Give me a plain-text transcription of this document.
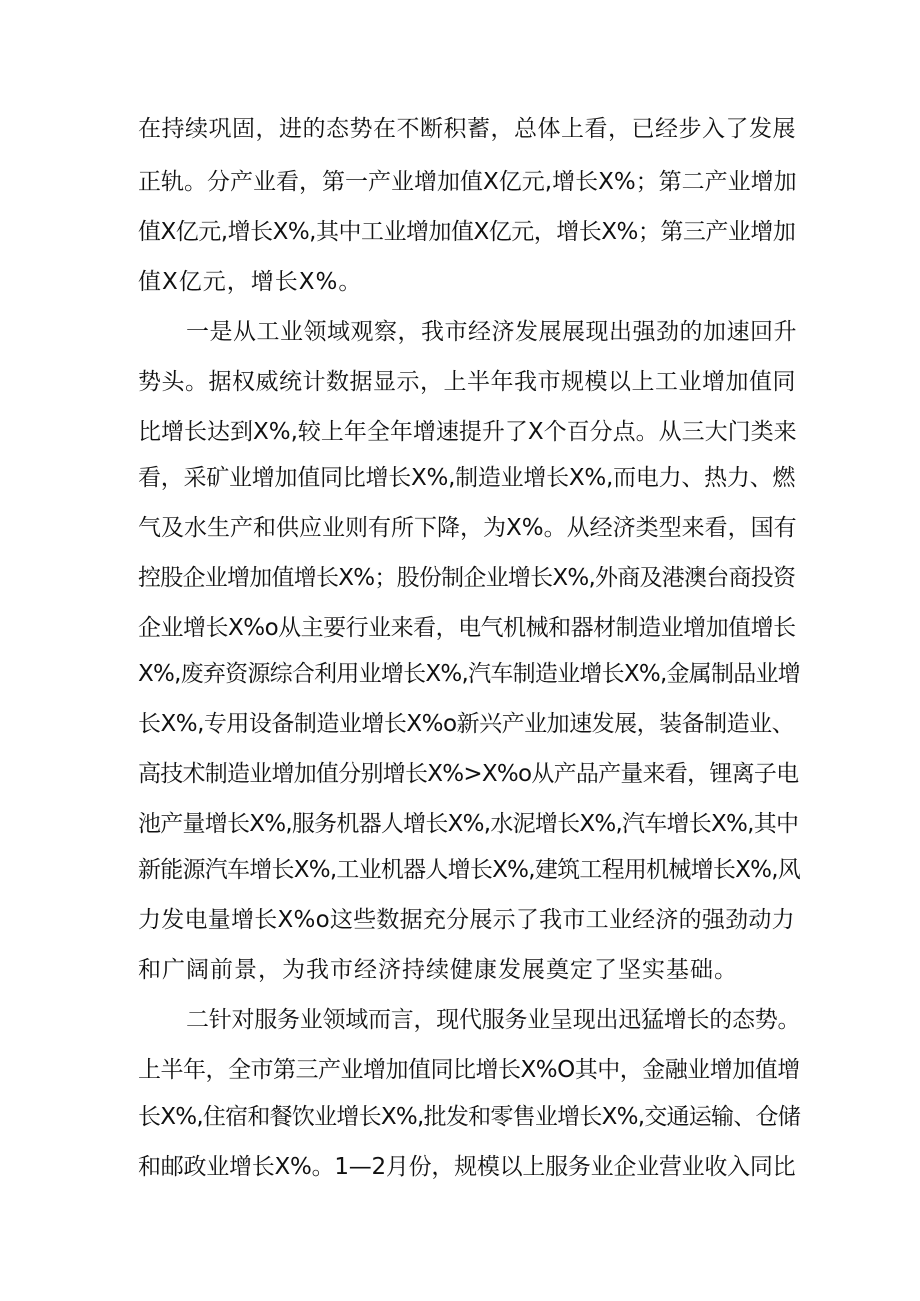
在持续巩固，进的态势在不断积蓄，总体上看，已经步入了发展
正轨。分产业看，第一产业增加值X亿元,增长X%；第二产业增加
值X亿元,增长X%,其中工业增加值X亿元，增长X%；第三产业增加
值X亿元，增长X%。
一是从工业领域观察，我市经济发展展现出强劲的加速回升
势头。据权威统计数据显示，上半年我市规模以上工业增加值同
比增长达到X%,较上年全年增速提升了X个百分点。从三大门类来
看，采矿业增加值同比增长X%,制造业增长X%,而电力、热力、燃
气及水生产和供应业则有所下降，为X%。从经济类型来看，国有
控股企业增加值增长X%；股份制企业增长X%,外商及港澳台商投资
企业增长X%o从主要行业来看，电气机械和器材制造业增加值增长
X%,废弃资源综合利用业增长X%,汽车制造业增长X%,金属制品业增
长X%,专用设备制造业增长X%o新兴产业加速发展，装备制造业、
高技术制造业增加值分别增长X%>X%o从产品产量来看，锂离子电
池产量增长X%,服务机器人增长X%,水泥增长X%,汽车增长X%,其中
新能源汽车增长X%,工业机器人增长X%,建筑工程用机械增长X%,风
力发电量增长X%o这些数据充分展示了我市工业经济的强劲动力
和广阔前景，为我市经济持续健康发展奠定了坚实基础。
二针对服务业领域而言，现代服务业呈现出迅猛增长的态势。
上半年，全市第三产业增加值同比增长X%O其中，金融业增加值增
长X%,住宿和餐饮业增长X%,批发和零售业增长X%,交通运输、仓储
和邮政业增长X%。1—2月份，规模以上服务业企业营业收入同比
